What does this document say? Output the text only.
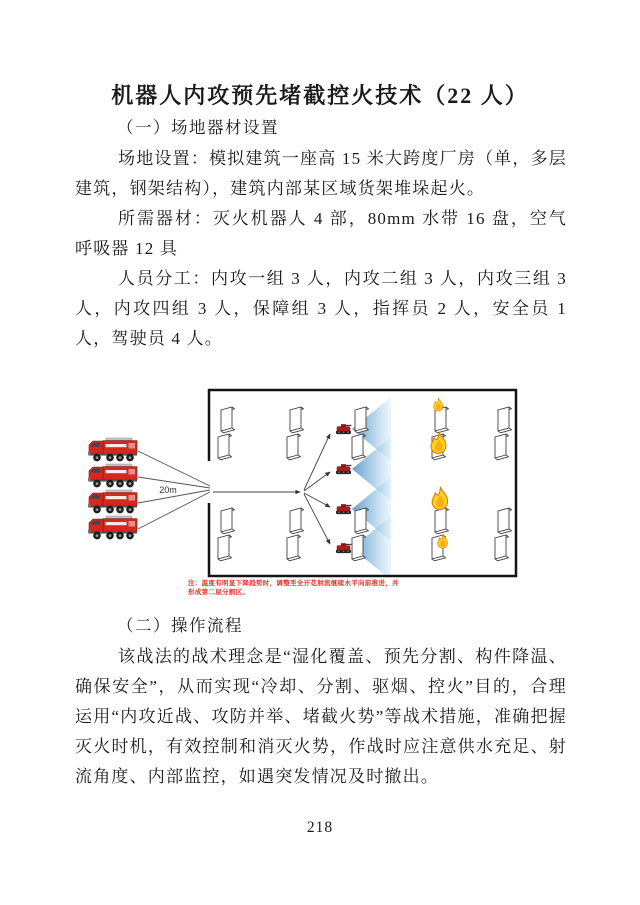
机器人内攻预先堵截控火技术（22 人）
（一）场地器材设置
场地设置：模拟建筑一座高 15 米大跨度厂房（单，多层建筑，钢架结构），建筑内部某区域货架堆垛起火。
所需器材：灭火机器人 4 部，80mm 水带 16 盘，空气呼吸器 12 具
人员分工：内攻一组 3 人，内攻二组 3 人，内攻三组 3 人，内攻四组 3 人，保障组 3 人，指挥员 2 人，安全员 1 人，驾驶员 4 人。
20m
注：温度有明显下降趋势时，调整至全开花射流继续水平向前推进，并
形成第二层分割区。
（二）操作流程
该战法的战术理念是“湿化覆盖、预先分割、构件降温、确保安全”，从而实现“冷却、分割、驱烟、控火”目的，合理运用“内攻近战、攻防并举、堵截火势”等战术措施，准确把握灭火时机，有效控制和消灭火势，作战时应注意供水充足、射流角度、内部监控，如遇突发情况及时撤出。
218
